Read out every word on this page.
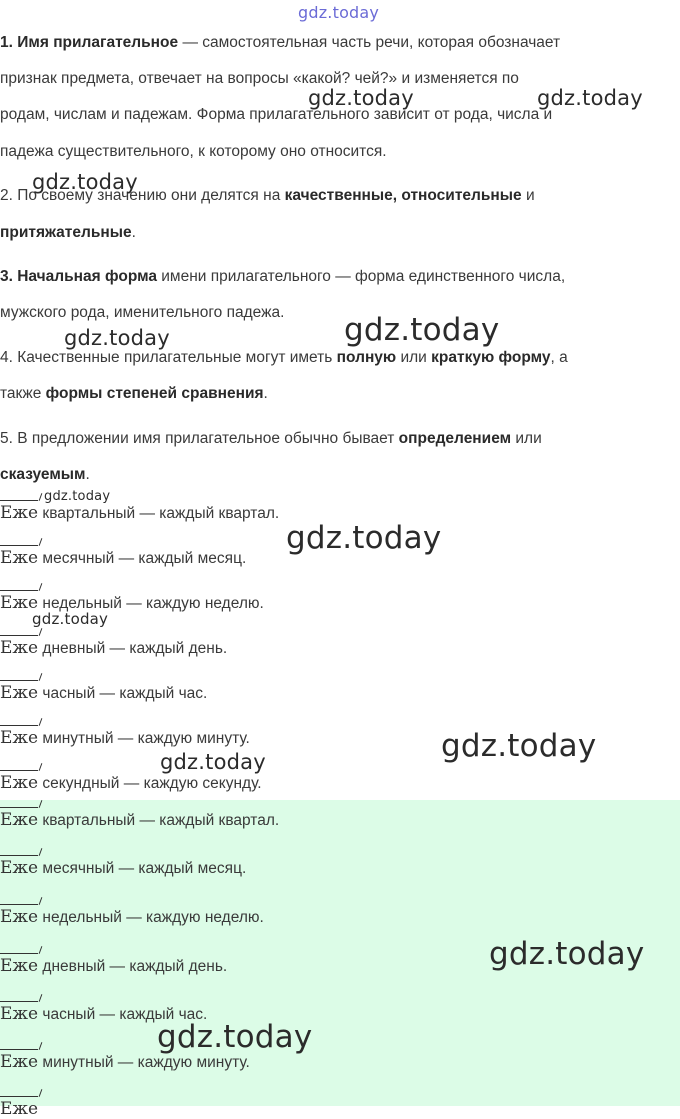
1. Имя прилагательное — самостоятельная часть речи, которая обозначает
признак предмета, отвечает на вопросы «какой? чей?» и изменяется по
родам, числам и падежам. Форма прилагательного зависит от рода, числа и
падежа существительного, к которому оно относится.
2. По своему значению они делятся на качественные, относительные и
притяжательные.
3. Начальная форма имени прилагательного — форма единственного числа,
мужского рода, именительного падежа.
4. Качественные прилагательные могут иметь полную или краткую форму, а
также формы степеней сравнения.
5. В предложении имя прилагательное обычно бывает определением или
сказуемым.
Еже квартальный — каждый квартал.
Еже месячный — каждый месяц.
Еже недельный — каждую неделю.
Еже дневный — каждый день.
Еже часный — каждый час.
Еже минутный — каждую минуту.
Еже секундный — каждую секунду.
Еже квартальный — каждый квартал.
Еже месячный — каждый месяц.
Еже недельный — каждую неделю.
Еже дневный — каждый день.
Еже часный — каждый час.
Еже минутный — каждую минуту.
Еже
gdz.today
gdz.today	gdz.today
gdz.today
gdz.today	gdz.today
gdz.today
gdz.today
gdz.today
gdz.today
gdz.today
gdz.today
gdz.today
